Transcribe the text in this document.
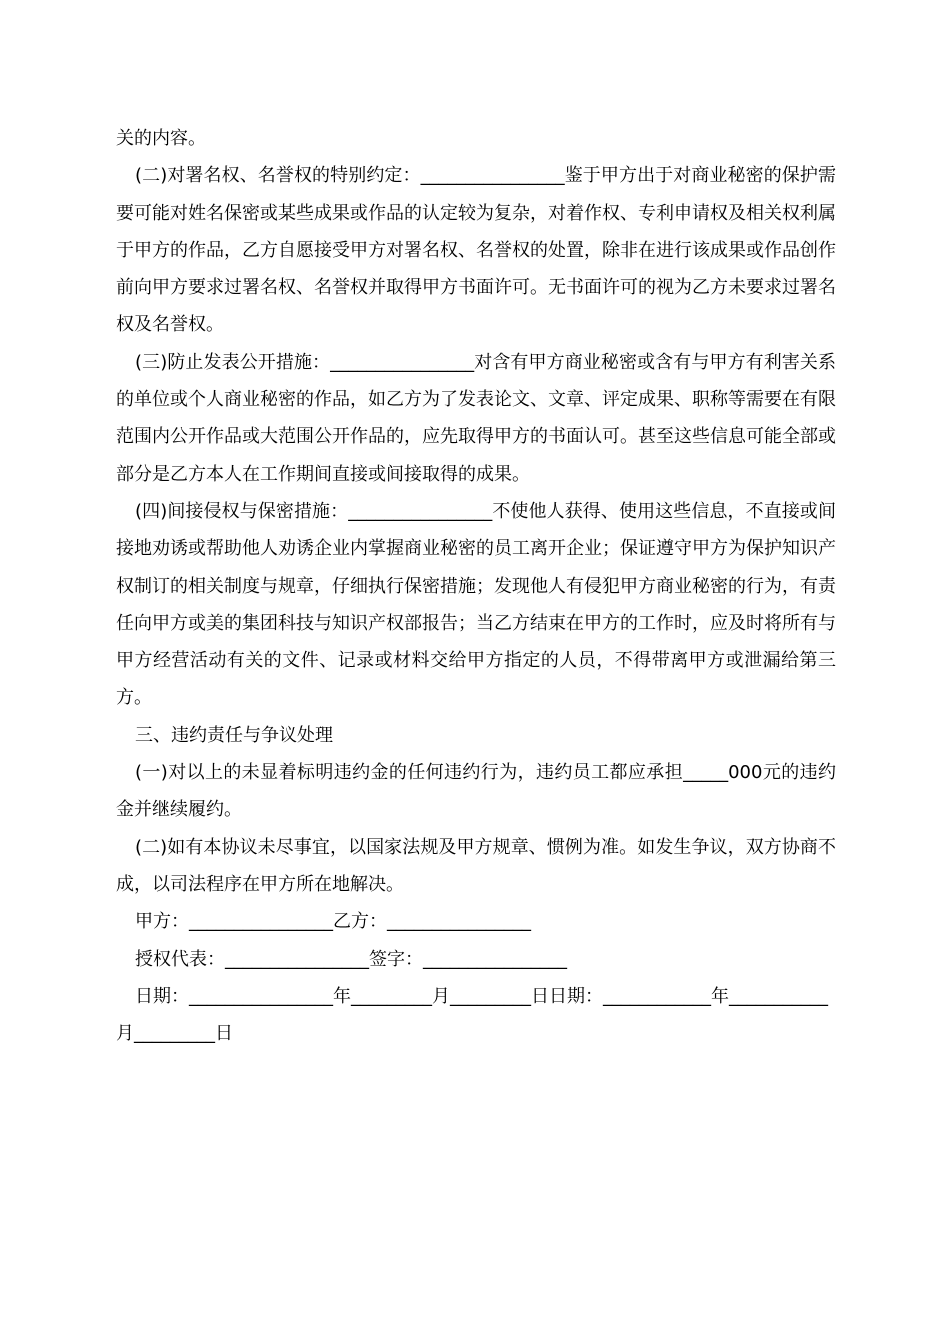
关的内容。

(二)对署名权、名誉权的特别约定：________________鉴于甲方出于对商业秘密的保护需要可能对姓名保密或某些成果或作品的认定较为复杂，对着作权、专利申请权及相关权利属于甲方的作品，乙方自愿接受甲方对署名权、名誉权的处置，除非在进行该成果或作品创作前向甲方要求过署名权、名誉权并取得甲方书面许可。无书面许可的视为乙方未要求过署名权及名誉权。

(三)防止发表公开措施：________________对含有甲方商业秘密或含有与甲方有利害关系的单位或个人商业秘密的作品，如乙方为了发表论文、文章、评定成果、职称等需要在有限范围内公开作品或大范围公开作品的，应先取得甲方的书面认可。甚至这些信息可能全部或部分是乙方本人在工作期间直接或间接取得的成果。

(四)间接侵权与保密措施：________________不使他人获得、使用这些信息，不直接或间接地劝诱或帮助他人劝诱企业内掌握商业秘密的员工离开企业；保证遵守甲方为保护知识产权制订的相关制度与规章，仔细执行保密措施；发现他人有侵犯甲方商业秘密的行为，有责任向甲方或美的集团科技与知识产权部报告；当乙方结束在甲方的工作时，应及时将所有与甲方经营活动有关的文件、记录或材料交给甲方指定的人员，不得带离甲方或泄漏给第三方。

三、违约责任与争议处理

(一)对以上的未显着标明违约金的任何违约行为，违约员工都应承担_____000元的违约金并继续履约。

(二)如有本协议未尽事宜，以国家法规及甲方规章、惯例为准。如发生争议，双方协商不成，以司法程序在甲方所在地解决。

甲方：________________乙方：________________

授权代表：________________签字：________________

日期：________________年_________月_________日日期：____________年___________月_________日
